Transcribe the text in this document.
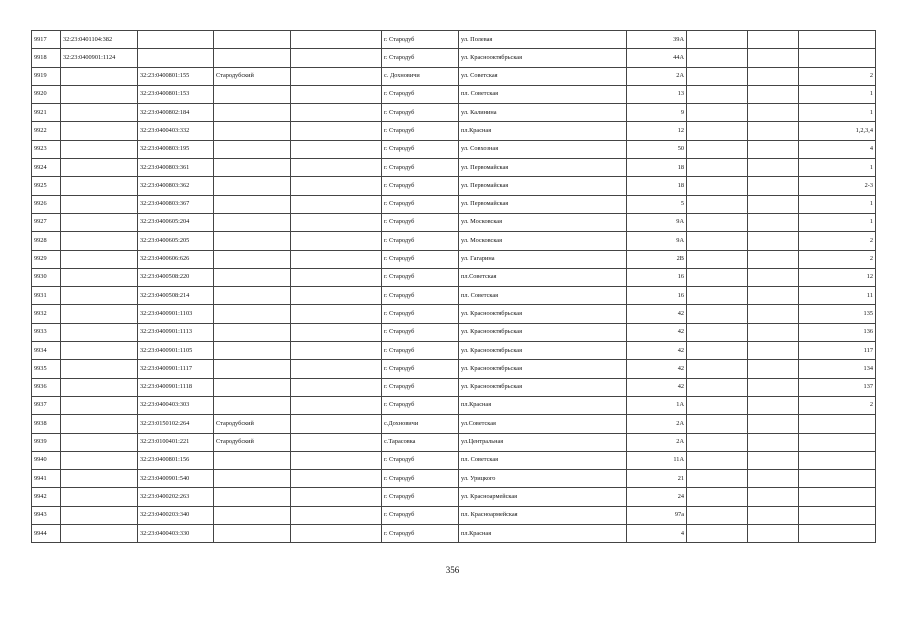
9917	32:23:0401104:382				г. Стародуб	ул. Полевая	39А			
9918	32:23:0400901:1124				г. Стародуб	ул. Красноoктябрьская	44А			
9919		32:23:0400801:155	Стародубский		с. Дохновичи	ул. Советская	2А			2
9920		32:23:0400801:153			г. Стародуб	пл. Советская	13			1
9921		32:23:0400802:184			г. Стародуб	ул. Калинина	9			1
9922		32:23:0400403:332			г. Стародуб	пл.Красная	12			1,2,3,4
9923		32:23:0400803:195			г. Стародуб	ул. Совхозная	50			4
9924		32:23:0400803:361			г. Стародуб	ул. Первомайская	18			1
9925		32:23:0400803:362			г. Стародуб	ул. Первомайская	18			2-3
9926		32:23:0400803:367			г. Стародуб	ул. Первомайская	5			1
9927		32:23:0400605:204			г. Стародуб	ул. Московская	9А			1
9928		32:23:0400605:205			г. Стародуб	ул. Московская	9А			2
9929		32:23:0400606:626			г. Стародуб	ул. Гагарина	2В			2
9930		32:23:0400508:220			г. Стародуб	пл.Советская	16			12
9931		32:23:0400508:214			г. Стародуб	пл. Советская	16			11
9932		32:23:0400901:1103			г. Стародуб	ул. Краснооктябрьская	42			135
9933		32:23:0400901:1113			г. Стародуб	ул. Краснооктябрьская	42			136
9934		32:23:0400901:1105			г. Стародуб	ул. Краснооктябрьская	42			117
9935		32:23:0400901:1117			г. Стародуб	ул. Краснооктябрьская	42			134
9936		32:23:0400901:1118			г. Стародуб	ул. Краснооктябрьская	42			137
9937		32:23:0400403:303			г. Стародуб	пл.Красная	1А			2
9938		32:23:0150102:264	Стародубский		с.Дохновичи	ул.Советская	2А			
9939		32:23:0100401:221	Стародубский		с.Тарасовка	ул.Центральная	2А			
9940		32:23:0400801:156			г. Стародуб	пл. Советская	11А			
9941		32:23:0400901:540			г. Стародуб	ул. Урицкого	21			
9942		32:23:0400202:263			г. Стародуб	ул. Красноармейская	24			
9943		32:23:0400203:340			г. Стародуб	пл. Красноармейская	97а			
9944		32:23:0400403:330			г. Стародуб	пл.Красная	4			
356
